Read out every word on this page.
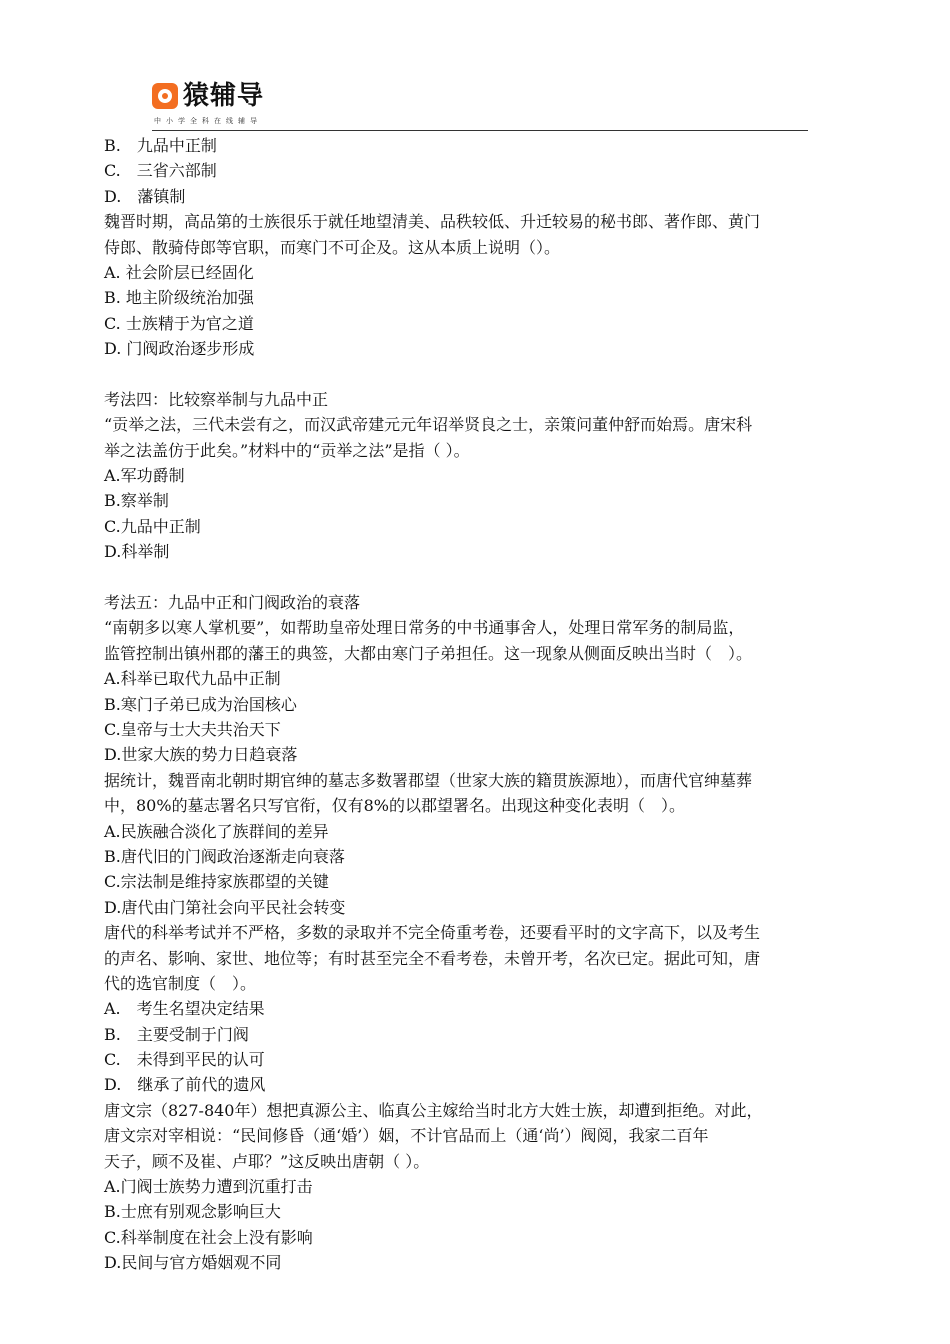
猿辅导
中小学全科在线辅导
B.　九品中正制
C.　三省六部制
D.　藩镇制
魏晋时期，高品第的士族很乐于就任地望清美、品秩较低、升迁较易的秘书郎、著作郎、黄门
侍郎、散骑侍郎等官职，而寒门不可企及。这从本质上说明（）。
A. 社会阶层已经固化
B. 地主阶级统治加强
C. 士族精于为官之道
D. 门阀政治逐步形成
考法四：比较察举制与九品中正
“贡举之法，三代未尝有之，而汉武帝建元元年诏举贤良之士，亲策问董仲舒而始焉。唐宋科
举之法盖仿于此矣。”材料中的“贡举之法”是指（ ）。
A.军功爵制
B.察举制
C.九品中正制
D.科举制
考法五：九品中正和门阀政治的衰落
“南朝多以寒人掌机要”，如帮助皇帝处理日常务的中书通事舍人，处理日常军务的制局监，
监管控制出镇州郡的藩王的典签，大都由寒门子弟担任。这一现象从侧面反映出当时（　）。
A.科举已取代九品中正制
B.寒门子弟已成为治国核心
C.皇帝与士大夫共治天下
D.世家大族的势力日趋衰落
据统计，魏晋南北朝时期官绅的墓志多数署郡望（世家大族的籍贯族源地），而唐代官绅墓葬
中，80%的墓志署名只写官衔，仅有8%的以郡望署名。出现这种变化表明（　）。
A.民族融合淡化了族群间的差异
B.唐代旧的门阀政治逐渐走向衰落
C.宗法制是维持家族郡望的关键
D.唐代由门第社会向平民社会转变
唐代的科举考试并不严格，多数的录取并不完全倚重考卷，还要看平时的文字高下，以及考生
的声名、影响、家世、地位等；有时甚至完全不看考卷，未曾开考，名次已定。据此可知，唐
代的选官制度（　）。
A.　考生名望决定结果
B.　主要受制于门阀
C.　未得到平民的认可
D.　继承了前代的遗风
唐文宗（827-840年）想把真源公主、临真公主嫁给当时北方大姓士族，却遭到拒绝。对此，
唐文宗对宰相说：“民间修昏（通‘婚’）姻，不计官品而上（通‘尚’）阀阅，我家二百年
天子，顾不及崔、卢耶？”这反映出唐朝（ ）。
A.门阀士族势力遭到沉重打击
B.士庶有别观念影响巨大
C.科举制度在社会上没有影响
D.民间与官方婚姻观不同
